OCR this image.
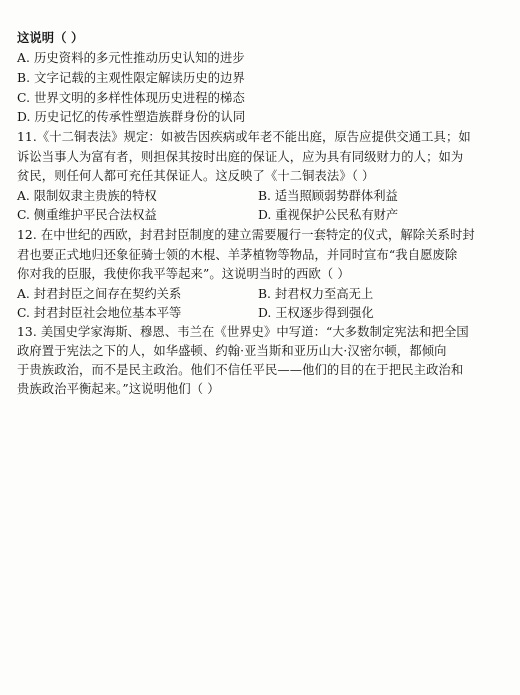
这说明（ ）
A. 历史资料的多元性推动历史认知的进步
B. 文字记载的主观性限定解读历史的边界
C. 世界文明的多样性体现历史进程的梯态
D. 历史记忆的传承性塑造族群身份的认同
11.《十二铜表法》规定：如被告因疾病或年老不能出庭，原告应提供交通工具；如
诉讼当事人为富有者，则担保其按时出庭的保证人，应为具有同级财力的人；如为
贫民，则任何人都可充任其保证人。这反映了《十二铜表法》（ ）
A. 限制奴隶主贵族的特权	B. 适当照顾弱势群体利益
C. 侧重维护平民合法权益	D. 重视保护公民私有财产
12. 在中世纪的西欧，封君封臣制度的建立需要履行一套特定的仪式，解除关系时封
君也要正式地归还象征骑士领的木棍、羊茅植物等物品，并同时宣布“我自愿废除
你对我的臣服，我使你我平等起来”。这说明当时的西欧（ ）
A. 封君封臣之间存在契约关系	B. 封君权力至高无上
C. 封君封臣社会地位基本平等	D. 王权逐步得到强化
13. 美国史学家海斯、穆恩、韦兰在《世界史》中写道：“大多数制定宪法和把全国
政府置于宪法之下的人，如华盛顿、约翰·亚当斯和亚历山大·汉密尔顿，都倾向
于贵族政治，而不是民主政治。他们不信任平民——他们的目的在于把民主政治和
贵族政治平衡起来。”这说明他们（ ）
